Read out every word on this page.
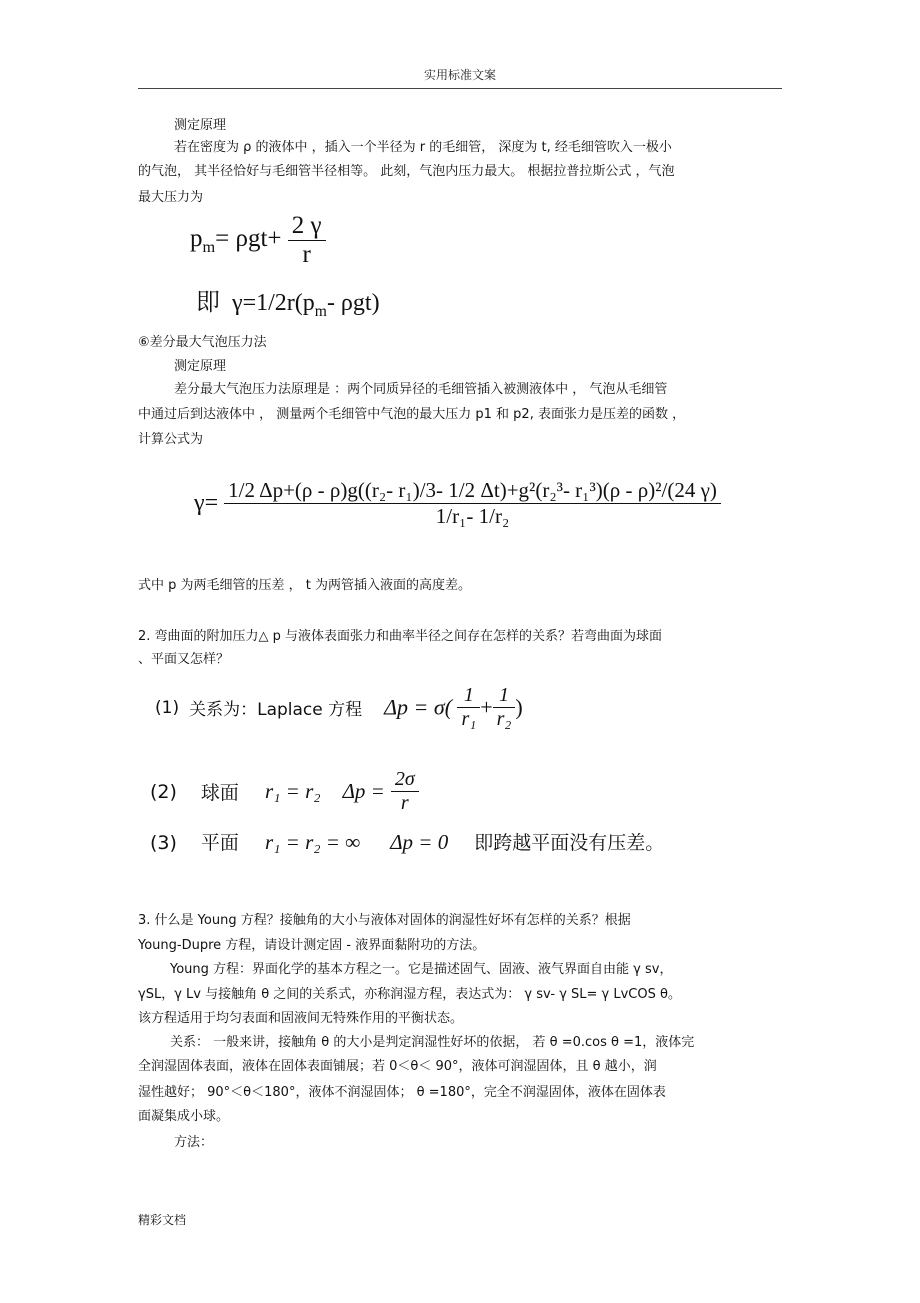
实用标准文案
测定原理
若在密度为 ρ 的液体中 ，插入一个半径为 r 的毛细管， 深度为 t, 经毛细管吹入一极小
的气泡， 其半径恰好与毛细管半径相等。 此刻，气泡内压力最大。 根据拉普拉斯公式 ，气泡
最大压力为
$p_m= \rho gt+ \frac{2 \gamma}{r}$
即 $\gamma=1/2r(p_m-$ ρgt)
⑥差分最大气泡压力法
测定原理
差分最大气泡压力法原理是 ：两个同质异径的毛细管插入被测液体中 ， 气泡从毛细管
中通过后到达液体中 ， 测量两个毛细管中气泡的最大压力 p1 和 p2, 表面张力是压差的函数 ，
计算公式为
γ= 1/2 Δp+(ρ - ρ)g((r₂- r₁)/3- 1/2 Δt)+g²(r₂³- r₁³)(ρ - ρ)²/(24 γ)
1/r₁- 1/r₂
式中 p 为两毛细管的压差 ， t 为两管插入液面的高度差。
2. 弯曲面的附加压力△ p 与液体表面张力和曲率半径之间存在怎样的关系？若弯曲面为球面
、平面又怎样？
(1) 关系为：Laplace 方程 $\Delta p = \sigma( \frac{1}{\text{r₁}} + \frac{1}{\text{r₂}}$ )
(2) 球面 r₁ = r₂ $\Delta p = \frac{2\sigma}{r}$
(3) 平面 r₁ = r₂ = ∞ Δp = 0 即跨越平面没有压差。
3. 什么是 Young 方程？接触角的大小与液体对固体的润湿性好坏有怎样的关系？根据
Young-Dupre 方程，请设计测定固 - 液界面黏附功的方法。
Young 方程：界面化学的基本方程之一。它是描述固气、固液、液气界面自由能 γ sv，
γSL，γ Lv 与接触角 θ 之间的关系式，亦称润湿方程，表达式为： γ sv- γ SL= γ LvCOS θ。
该方程适用于均匀表面和固液间无特殊作用的平衡状态。
关系： 一般来讲，接触角 θ 的大小是判定润湿性好坏的依据， 若 θ =0.cos θ =1，液体完
全润湿固体表面，液体在固体表面铺展；若 0＜θ＜ 90°，液体可润湿固体，且 θ 越小，润
湿性越好； 90°＜θ＜180°，液体不润湿固体； θ =180°，完全不润湿固体，液体在固体表
面凝集成小球。
方法：
精彩文档
